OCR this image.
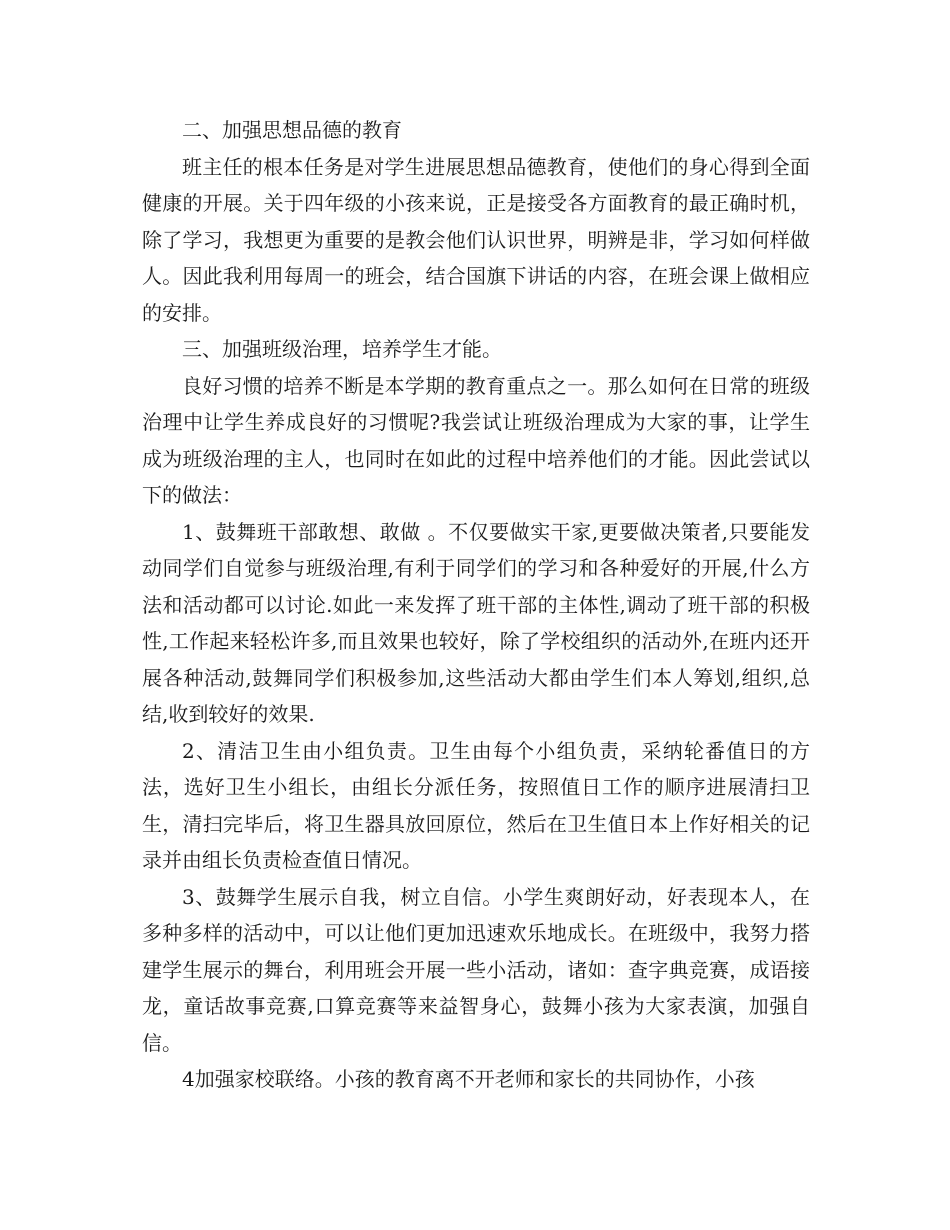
二、加强思想品德的教育

班主任的根本任务是对学生进展思想品德教育，使他们的身心得到全面健康的开展。关于四年级的小孩来说，正是接受各方面教育的最正确时机，除了学习，我想更为重要的是教会他们认识世界，明辨是非，学习如何样做人。因此我利用每周一的班会，结合国旗下讲话的内容，在班会课上做相应的安排。

三、加强班级治理，培养学生才能。

良好习惯的培养不断是本学期的教育重点之一。那么如何在日常的班级治理中让学生养成良好的习惯呢?我尝试让班级治理成为大家的事，让学生成为班级治理的主人，也同时在如此的过程中培养他们的才能。因此尝试以下的做法：

1、鼓舞班干部敢想、敢做 。不仅要做实干家,更要做决策者,只要能发动同学们自觉参与班级治理,有利于同学们的学习和各种爱好的开展,什么方法和活动都可以讨论.如此一来发挥了班干部的主体性,调动了班干部的积极性,工作起来轻松许多,而且效果也较好，除了学校组织的活动外,在班内还开展各种活动,鼓舞同学们积极参加,这些活动大都由学生们本人筹划,组织,总结,收到较好的效果.

2、清洁卫生由小组负责。卫生由每个小组负责，采纳轮番值日的方法，选好卫生小组长，由组长分派任务，按照值日工作的顺序进展清扫卫生，清扫完毕后，将卫生器具放回原位，然后在卫生值日本上作好相关的记录并由组长负责检查值日情况。

3、鼓舞学生展示自我，树立自信。小学生爽朗好动，好表现本人，在多种多样的活动中，可以让他们更加迅速欢乐地成长。在班级中，我努力搭建学生展示的舞台，利用班会开展一些小活动，诸如：查字典竞赛，成语接龙，童话故事竞赛,口算竞赛等来益智身心，鼓舞小孩为大家表演，加强自信。

4加强家校联络。小孩的教育离不开老师和家长的共同协作，小孩
